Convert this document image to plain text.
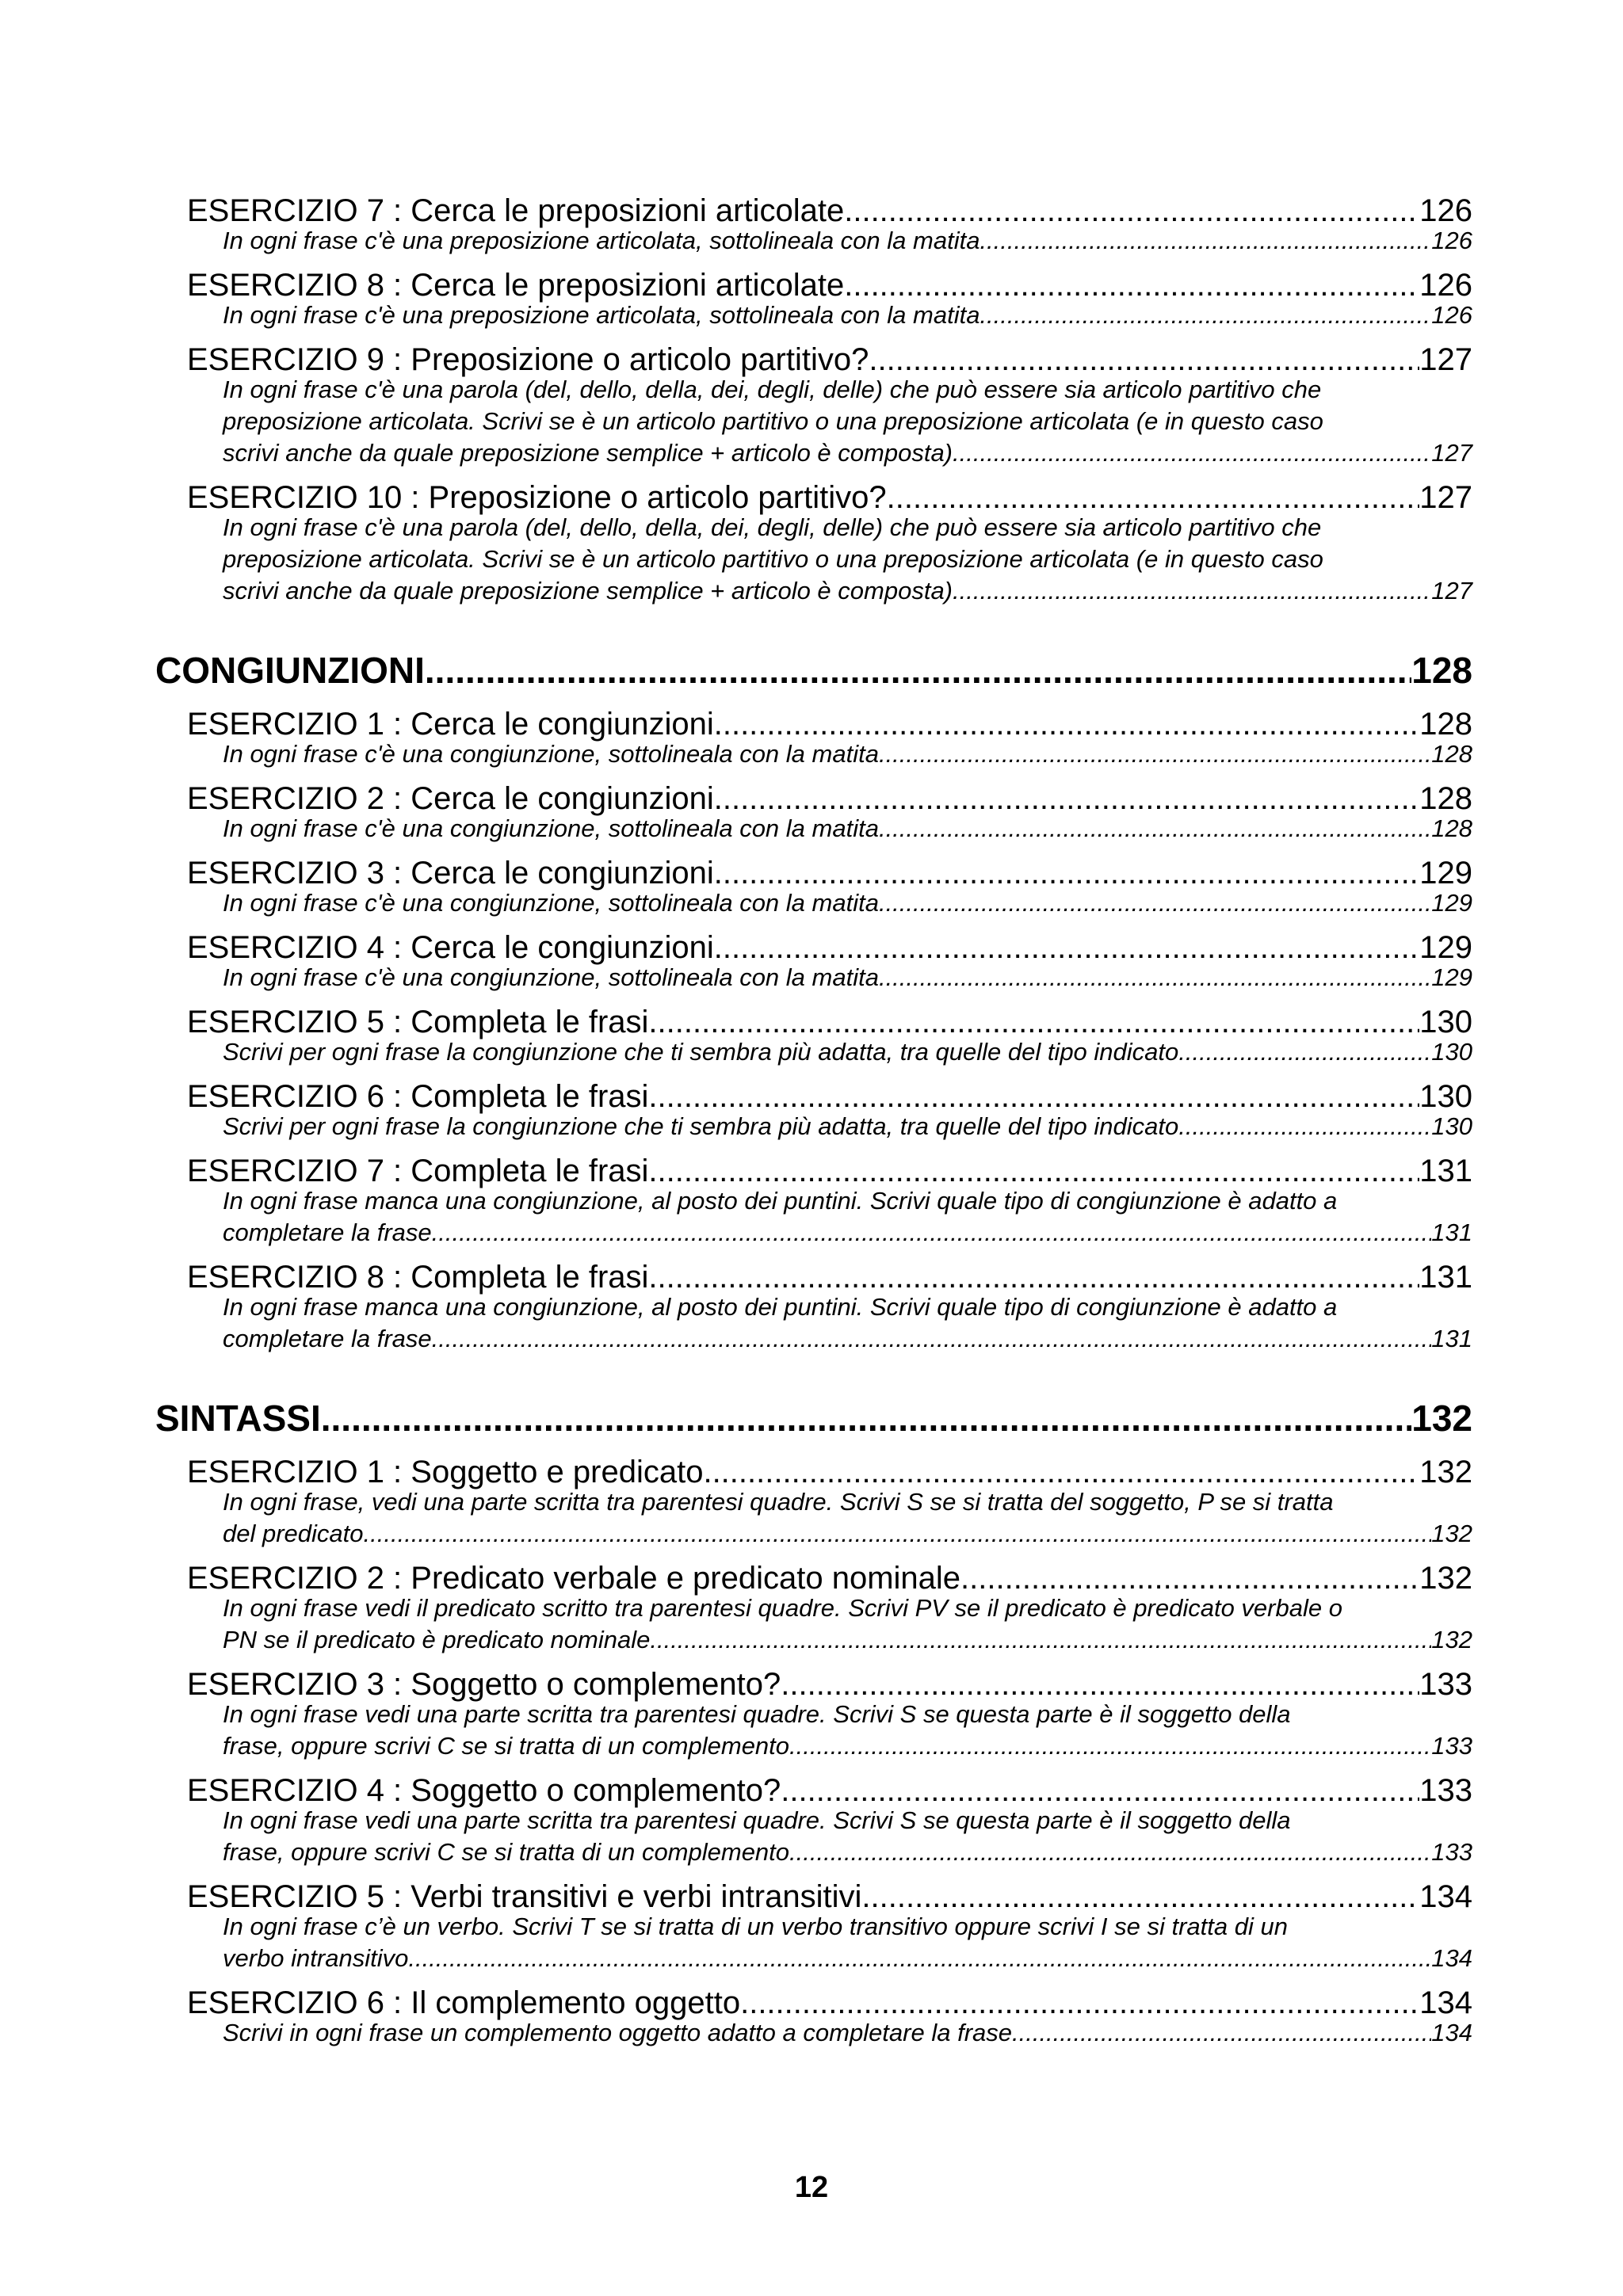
ESERCIZIO 7 : Cerca le preposizioni articolate. .....	126
In ogni frase c'è una preposizione articolata, sottolineala con la matita. .....	126
ESERCIZIO 8 : Cerca le preposizioni articolate. .....	126
In ogni frase c'è una preposizione articolata, sottolineala con la matita. .....	126
ESERCIZIO 9 : Preposizione o articolo partitivo? .....	127
In ogni frase c'è una parola (del, dello, della, dei, degli, delle) che può essere sia articolo partitivo che
preposizione articolata. Scrivi se è un articolo partitivo o una preposizione articolata (e in questo caso
scrivi anche da quale preposizione semplice + articolo è composta). .....	127
ESERCIZIO 10 : Preposizione o articolo partitivo? .....	127
In ogni frase c'è una parola (del, dello, della, dei, degli, delle) che può essere sia articolo partitivo che
preposizione articolata. Scrivi se è un articolo partitivo o una preposizione articolata (e in questo caso
scrivi anche da quale preposizione semplice + articolo è composta). .....	127
CONGIUNZIONI .....	128
ESERCIZIO 1 : Cerca le congiunzioni. .....	128
In ogni frase c'è una congiunzione, sottolineala con la matita. .....	128
ESERCIZIO 2 : Cerca le congiunzioni. .....	128
In ogni frase c'è una congiunzione, sottolineala con la matita. .....	128
ESERCIZIO 3 : Cerca le congiunzioni. .....	129
In ogni frase c'è una congiunzione, sottolineala con la matita. .....	129
ESERCIZIO 4 : Cerca le congiunzioni. .....	129
In ogni frase c'è una congiunzione, sottolineala con la matita. .....	129
ESERCIZIO 5 : Completa le frasi. .....	130
Scrivi per ogni frase la congiunzione che ti sembra più adatta, tra quelle del tipo indicato. .....	130
ESERCIZIO 6 : Completa le frasi. .....	130
Scrivi per ogni frase la congiunzione che ti sembra più adatta, tra quelle del tipo indicato. .....	130
ESERCIZIO 7 : Completa le frasi. .....	131
In ogni frase manca una congiunzione, al posto dei puntini. Scrivi quale tipo di congiunzione è adatto a
completare la frase. .....	131
ESERCIZIO 8 : Completa le frasi. .....	131
In ogni frase manca una congiunzione, al posto dei puntini. Scrivi quale tipo di congiunzione è adatto a
completare la frase. .....	131
SINTASSI .....	132
ESERCIZIO 1 : Soggetto e predicato. .....	132
In ogni frase, vedi una parte scritta tra parentesi quadre. Scrivi S se si tratta del soggetto, P se si tratta
del predicato. .....	132
ESERCIZIO 2 : Predicato verbale e predicato nominale. .....	132
In ogni frase vedi il predicato scritto tra parentesi quadre. Scrivi PV se il predicato è predicato verbale o
PN se il predicato è predicato nominale. .....	132
ESERCIZIO 3 : Soggetto o complemento? .....	133
In ogni frase vedi una parte scritta tra parentesi quadre. Scrivi S se questa parte è il soggetto della
frase, oppure scrivi C se si tratta di un complemento. .....	133
ESERCIZIO 4 : Soggetto o complemento? .....	133
In ogni frase vedi una parte scritta tra parentesi quadre. Scrivi S se questa parte è il soggetto della
frase, oppure scrivi C se si tratta di un complemento. .....	133
ESERCIZIO 5 : Verbi transitivi e verbi intransitivi. .....	134
In ogni frase c’è un verbo. Scrivi T se si tratta di un verbo transitivo oppure scrivi I se si tratta di un
verbo intransitivo. .....	134
ESERCIZIO 6 : Il complemento oggetto. .....	134
Scrivi in ogni frase un complemento oggetto adatto a completare la frase. .....	134
12
